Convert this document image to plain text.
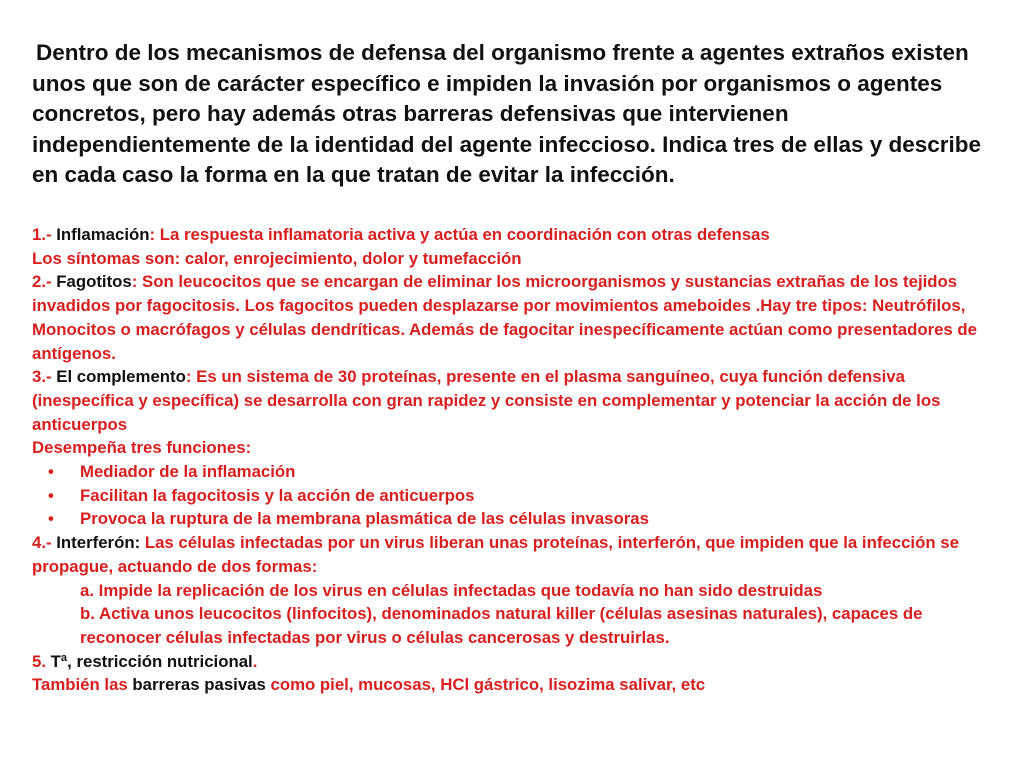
Dentro de los mecanismos de defensa del organismo frente a agentes extraños existen unos que son de carácter específico e impiden la invasión por organismos o agentes concretos, pero hay además otras barreras defensivas que intervienen independientemente de la identidad del agente infeccioso. Indica tres de ellas y describe en cada caso la forma en la que tratan de evitar la infección.

1.- Inflamación: La respuesta inflamatoria activa y actúa en coordinación con otras defensas

Los síntomas son: calor, enrojecimiento, dolor y tumefacción

2.- Fagotitos: Son leucocitos que se encargan de eliminar los microorganismos y sustancias extrañas de los tejidos invadidos por fagocitosis. Los fagocitos pueden desplazarse por movimientos ameboides .Hay tre tipos: Neutrófilos, Monocitos o macrófagos y células dendríticas. Además de fagocitar inespecíficamente actúan como presentadores de antígenos.

3.- El complemento: Es un sistema de 30 proteínas, presente en el plasma sanguíneo, cuya función defensiva (inespecífica y específica) se desarrolla con gran rapidez y consiste en complementar y potenciar la acción de los anticuerpos

Desempeña tres funciones:

• Mediador de la inflamación

• Facilitan la fagocitosis y la acción de anticuerpos

• Provoca la ruptura de la membrana plasmática de las células invasoras

4.- Interferón: Las células infectadas por un virus liberan unas proteínas, interferón, que impiden que la infección se propague, actuando de dos formas:

a. Impide la replicación de los virus en células infectadas que todavía no han sido destruidas

b. Activa unos leucocitos (linfocitos), denominados natural killer (células asesinas naturales), capaces de reconocer células infectadas por virus o células cancerosas y destruirlas.

5. Tª, restricción nutricional.

También las barreras pasivas como piel, mucosas, HCl gástrico, lisozima salivar, etc
